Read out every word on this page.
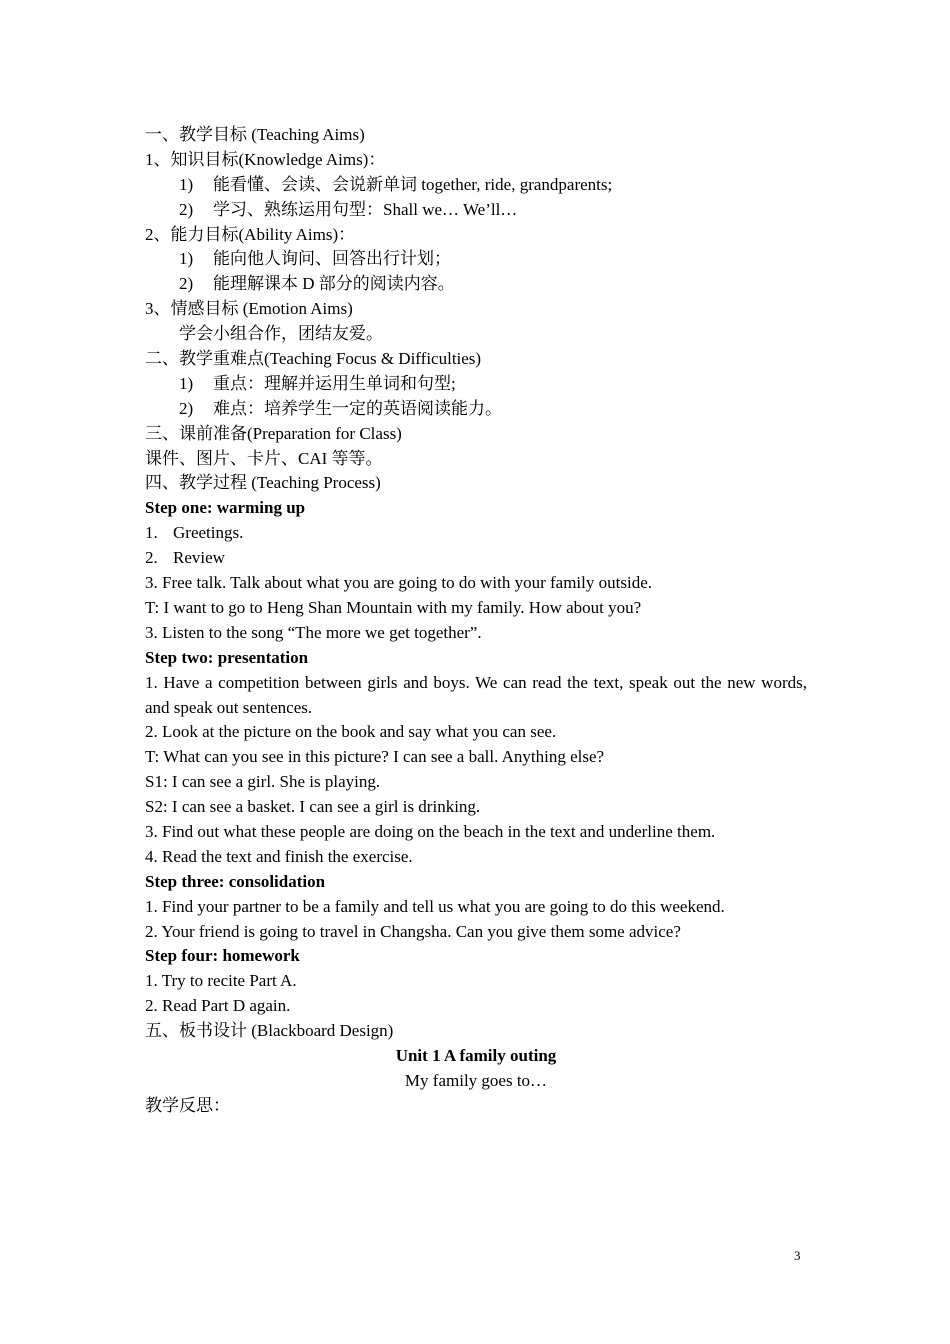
一、教学目标 (Teaching Aims)
1、知识目标(Knowledge Aims)：
1) 能看懂、会读、会说新单词 together, ride, grandparents;
2) 学习、熟练运用句型：Shall we… We’ll…
2、能力目标(Ability Aims)：
1) 能向他人询问、回答出行计划；
2) 能理解课本 D 部分的阅读内容。
3、情感目标 (Emotion Aims)
学会小组合作，团结友爱。
二、教学重难点(Teaching Focus & Difficulties)
1) 重点：理解并运用生单词和句型;
2) 难点：培养学生一定的英语阅读能力。
三、课前准备(Preparation for Class)
课件、图片、卡片、CAI 等等。
四、教学过程 (Teaching Process)
Step one: warming up
1. Greetings.
2. Review
3. Free talk. Talk about what you are going to do with your family outside.
T: I want to go to Heng Shan Mountain with my family. How about you?
3. Listen to the song “The more we get together”.
Step two: presentation
1. Have a competition between girls and boys. We can read the text, speak out the new words, and speak out sentences.
2. Look at the picture on the book and say what you can see.
T: What can you see in this picture? I can see a ball. Anything else?
S1: I can see a girl. She is playing.
S2: I can see a basket. I can see a girl is drinking.
3. Find out what these people are doing on the beach in the text and underline them.
4. Read the text and finish the exercise.
Step three: consolidation
1. Find your partner to be a family and tell us what you are going to do this weekend.
2. Your friend is going to travel in Changsha. Can you give them some advice?
Step four: homework
1. Try to recite Part A.
2. Read Part D again.
五、板书设计 (Blackboard Design)
Unit 1 A family outing
My family goes to…
教学反思：
3
